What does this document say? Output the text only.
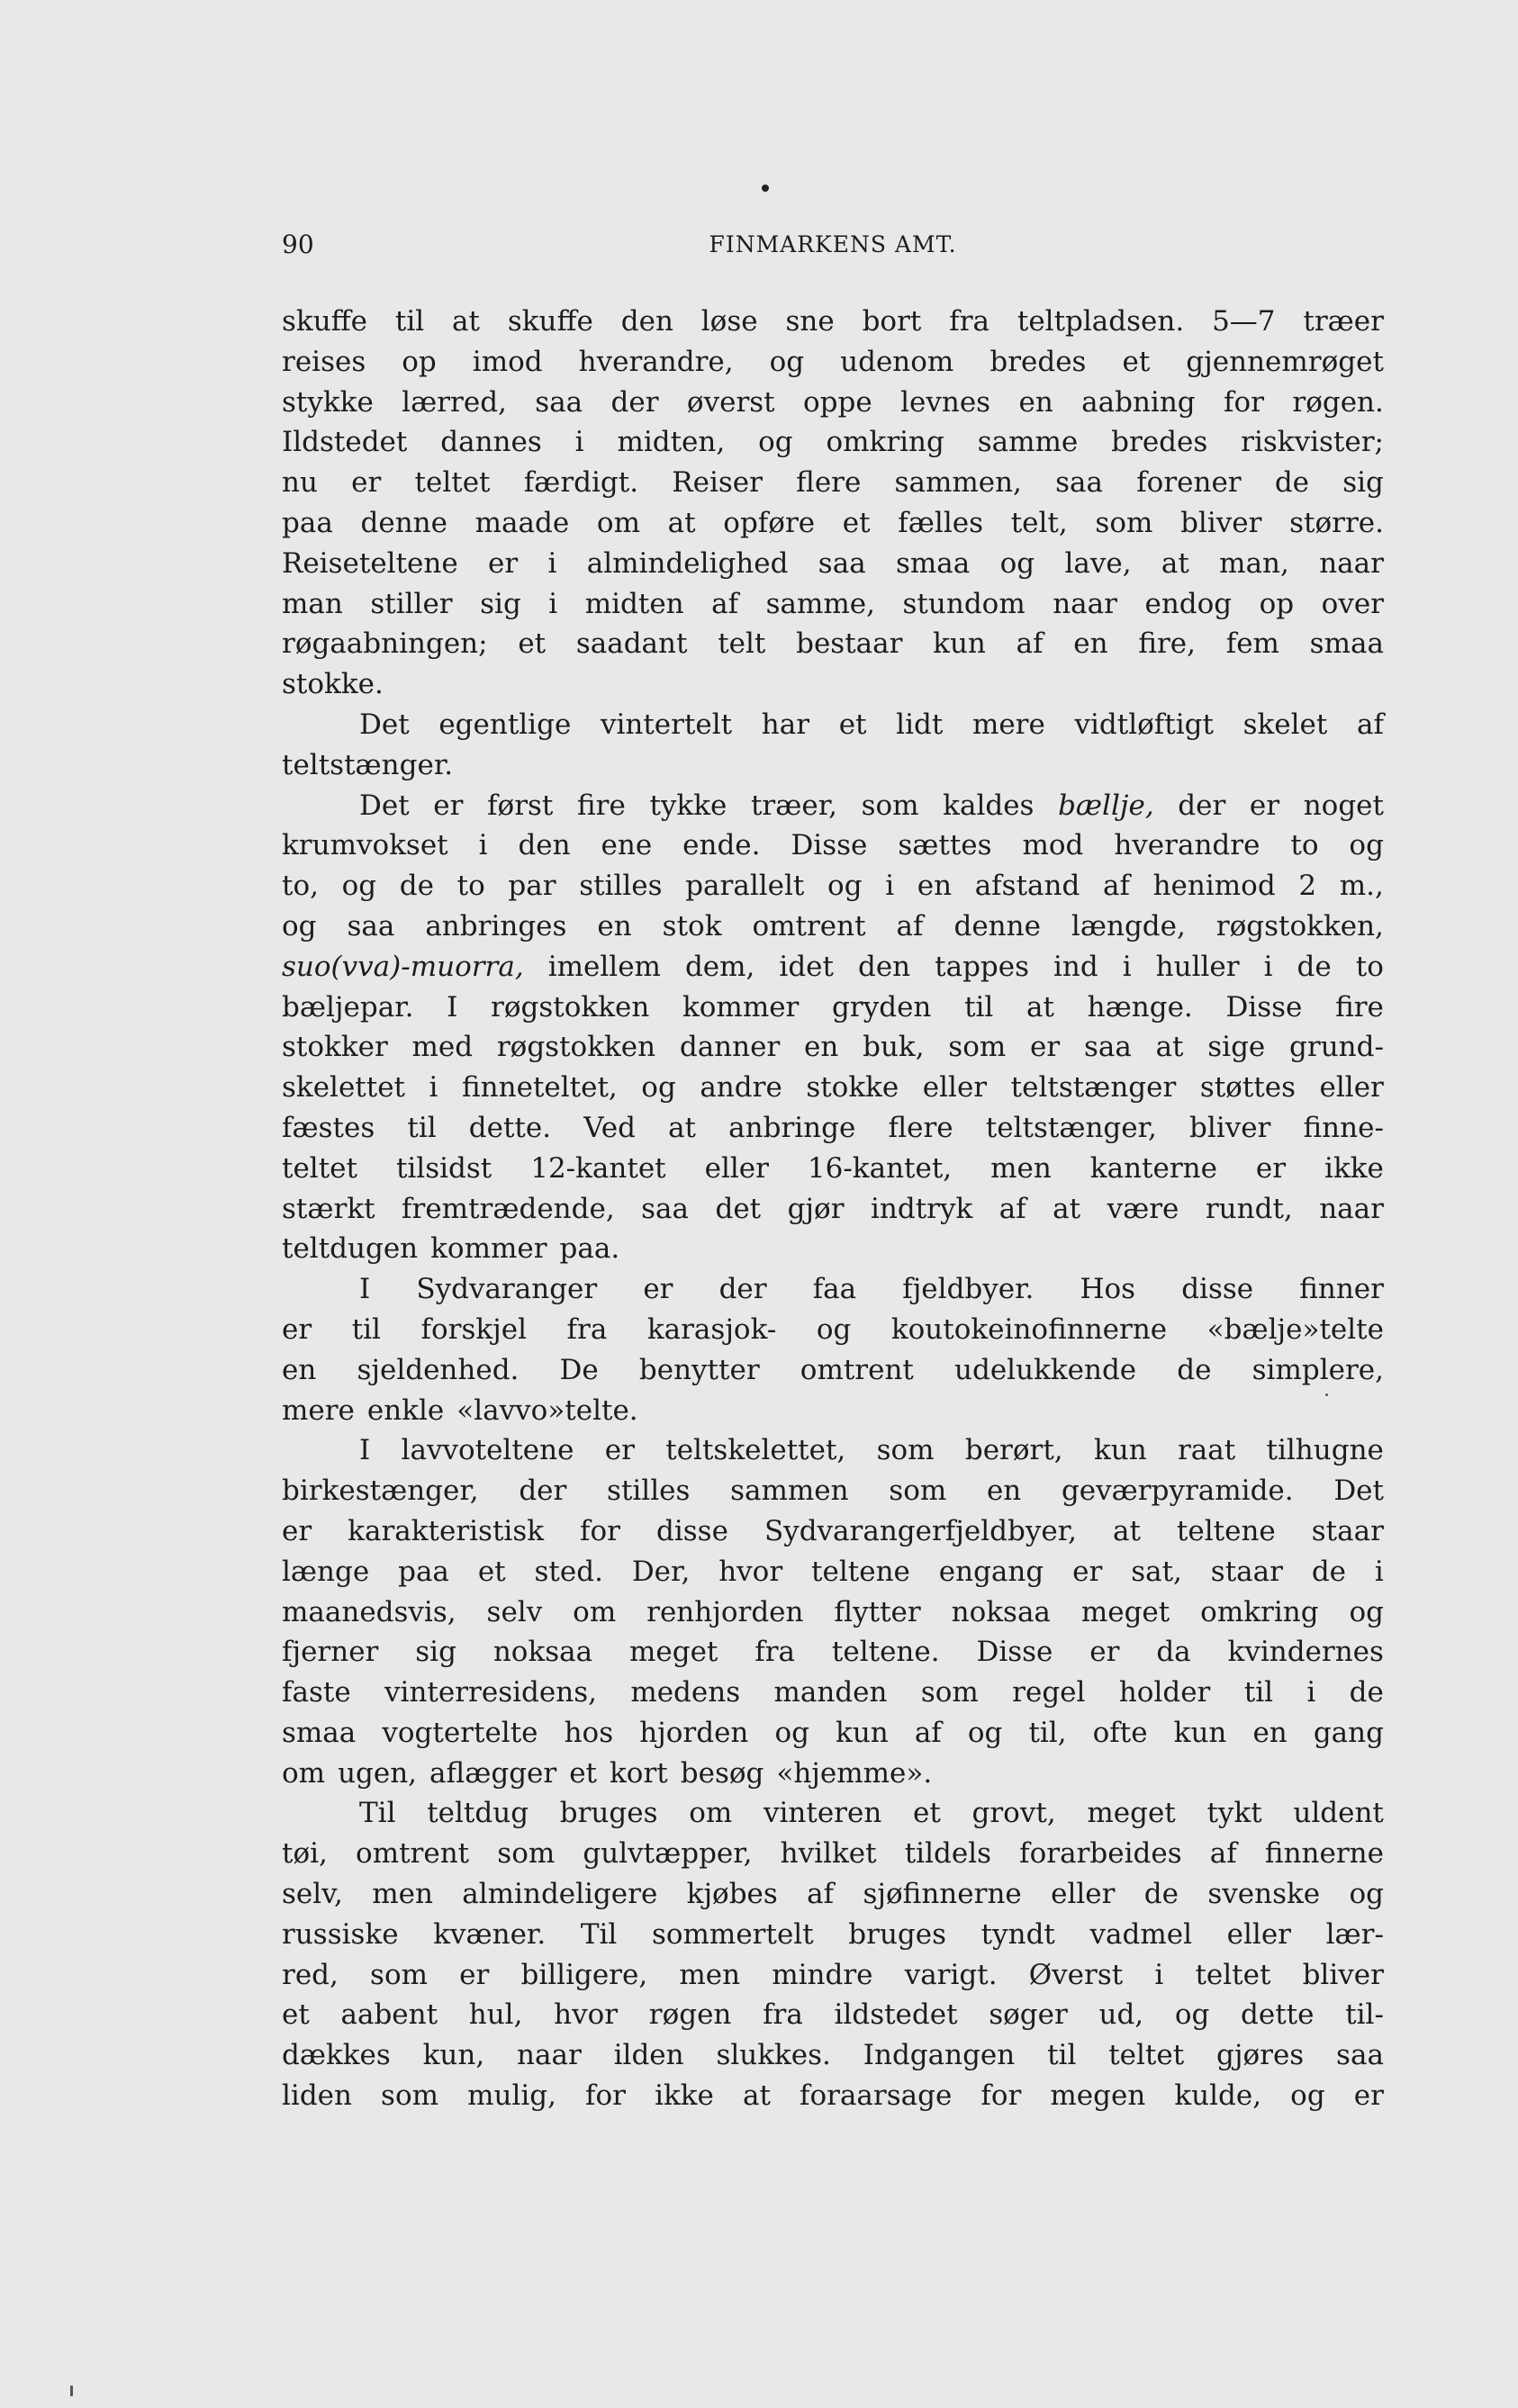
90	FINMARKENS AMT.
skuffe til at skuffe den løse sne bort fra teltpladsen. 5—7 træer
reises op imod hverandre, og udenom bredes et gjennemrøget
stykke lærred, saa der øverst oppe levnes en aabning for røgen.
Ildstedet dannes i midten, og omkring samme bredes riskvister;
nu er teltet færdigt. Reiser flere sammen, saa forener de sig
paa denne maade om at opføre et fælles telt, som bliver større.
Reiseteltene er i almindelighed saa smaa og lave, at man, naar
man stiller sig i midten af samme, stundom naar endog op over
røgaabningen; et saadant telt bestaar kun af en fire, fem smaa
stokke.
Det egentlige vintertelt har et lidt mere vidtløftigt skelet af
teltstænger.
Det er først fire tykke træer, som kaldes bællje, der er noget
krumvokset i den ene ende. Disse sættes mod hverandre to og
to, og de to par stilles parallelt og i en afstand af henimod 2 m.,
og saa anbringes en stok omtrent af denne længde, røgstokken,
suo(vva)-muorra, imellem dem, idet den tappes ind i huller i de to
bæljepar. I røgstokken kommer gryden til at hænge. Disse fire
stokker med røgstokken danner en buk, som er saa at sige grund-
skelettet i finneteltet, og andre stokke eller teltstænger støttes eller
fæstes til dette. Ved at anbringe flere teltstænger, bliver finne-
teltet tilsidst 12-kantet eller 16-kantet, men kanterne er ikke
stærkt fremtrædende, saa det gjør indtryk af at være rundt, naar
teltdugen kommer paa.
I Sydvaranger er der faa fjeldbyer. Hos disse finner
er til forskjel fra karasjok- og koutokeinofinnerne «bælje»telte
en sjeldenhed. De benytter omtrent udelukkende de simplere,
mere enkle «lavvo»telte.
I lavvoteltene er teltskelettet, som berørt, kun raat tilhugne
birkestænger, der stilles sammen som en geværpyramide. Det
er karakteristisk for disse Sydvarangerfjeldbyer, at teltene staar
længe paa et sted. Der, hvor teltene engang er sat, staar de i
maanedsvis, selv om renhjorden flytter noksaa meget omkring og
fjerner sig noksaa meget fra teltene. Disse er da kvindernes
faste vinterresidens, medens manden som regel holder til i de
smaa vogtertelte hos hjorden og kun af og til, ofte kun en gang
om ugen, aflægger et kort besøg «hjemme».
Til teltdug bruges om vinteren et grovt, meget tykt uldent
tøi, omtrent som gulvtæpper, hvilket tildels forarbeides af finnerne
selv, men almindeligere kjøbes af sjøfinnerne eller de svenske og
russiske kvæner. Til sommertelt bruges tyndt vadmel eller lær-
red, som er billigere, men mindre varigt. Øverst i teltet bliver
et aabent hul, hvor røgen fra ildstedet søger ud, og dette til-
dækkes kun, naar ilden slukkes. Indgangen til teltet gjøres saa
liden som mulig, for ikke at foraarsage for megen kulde, og er
